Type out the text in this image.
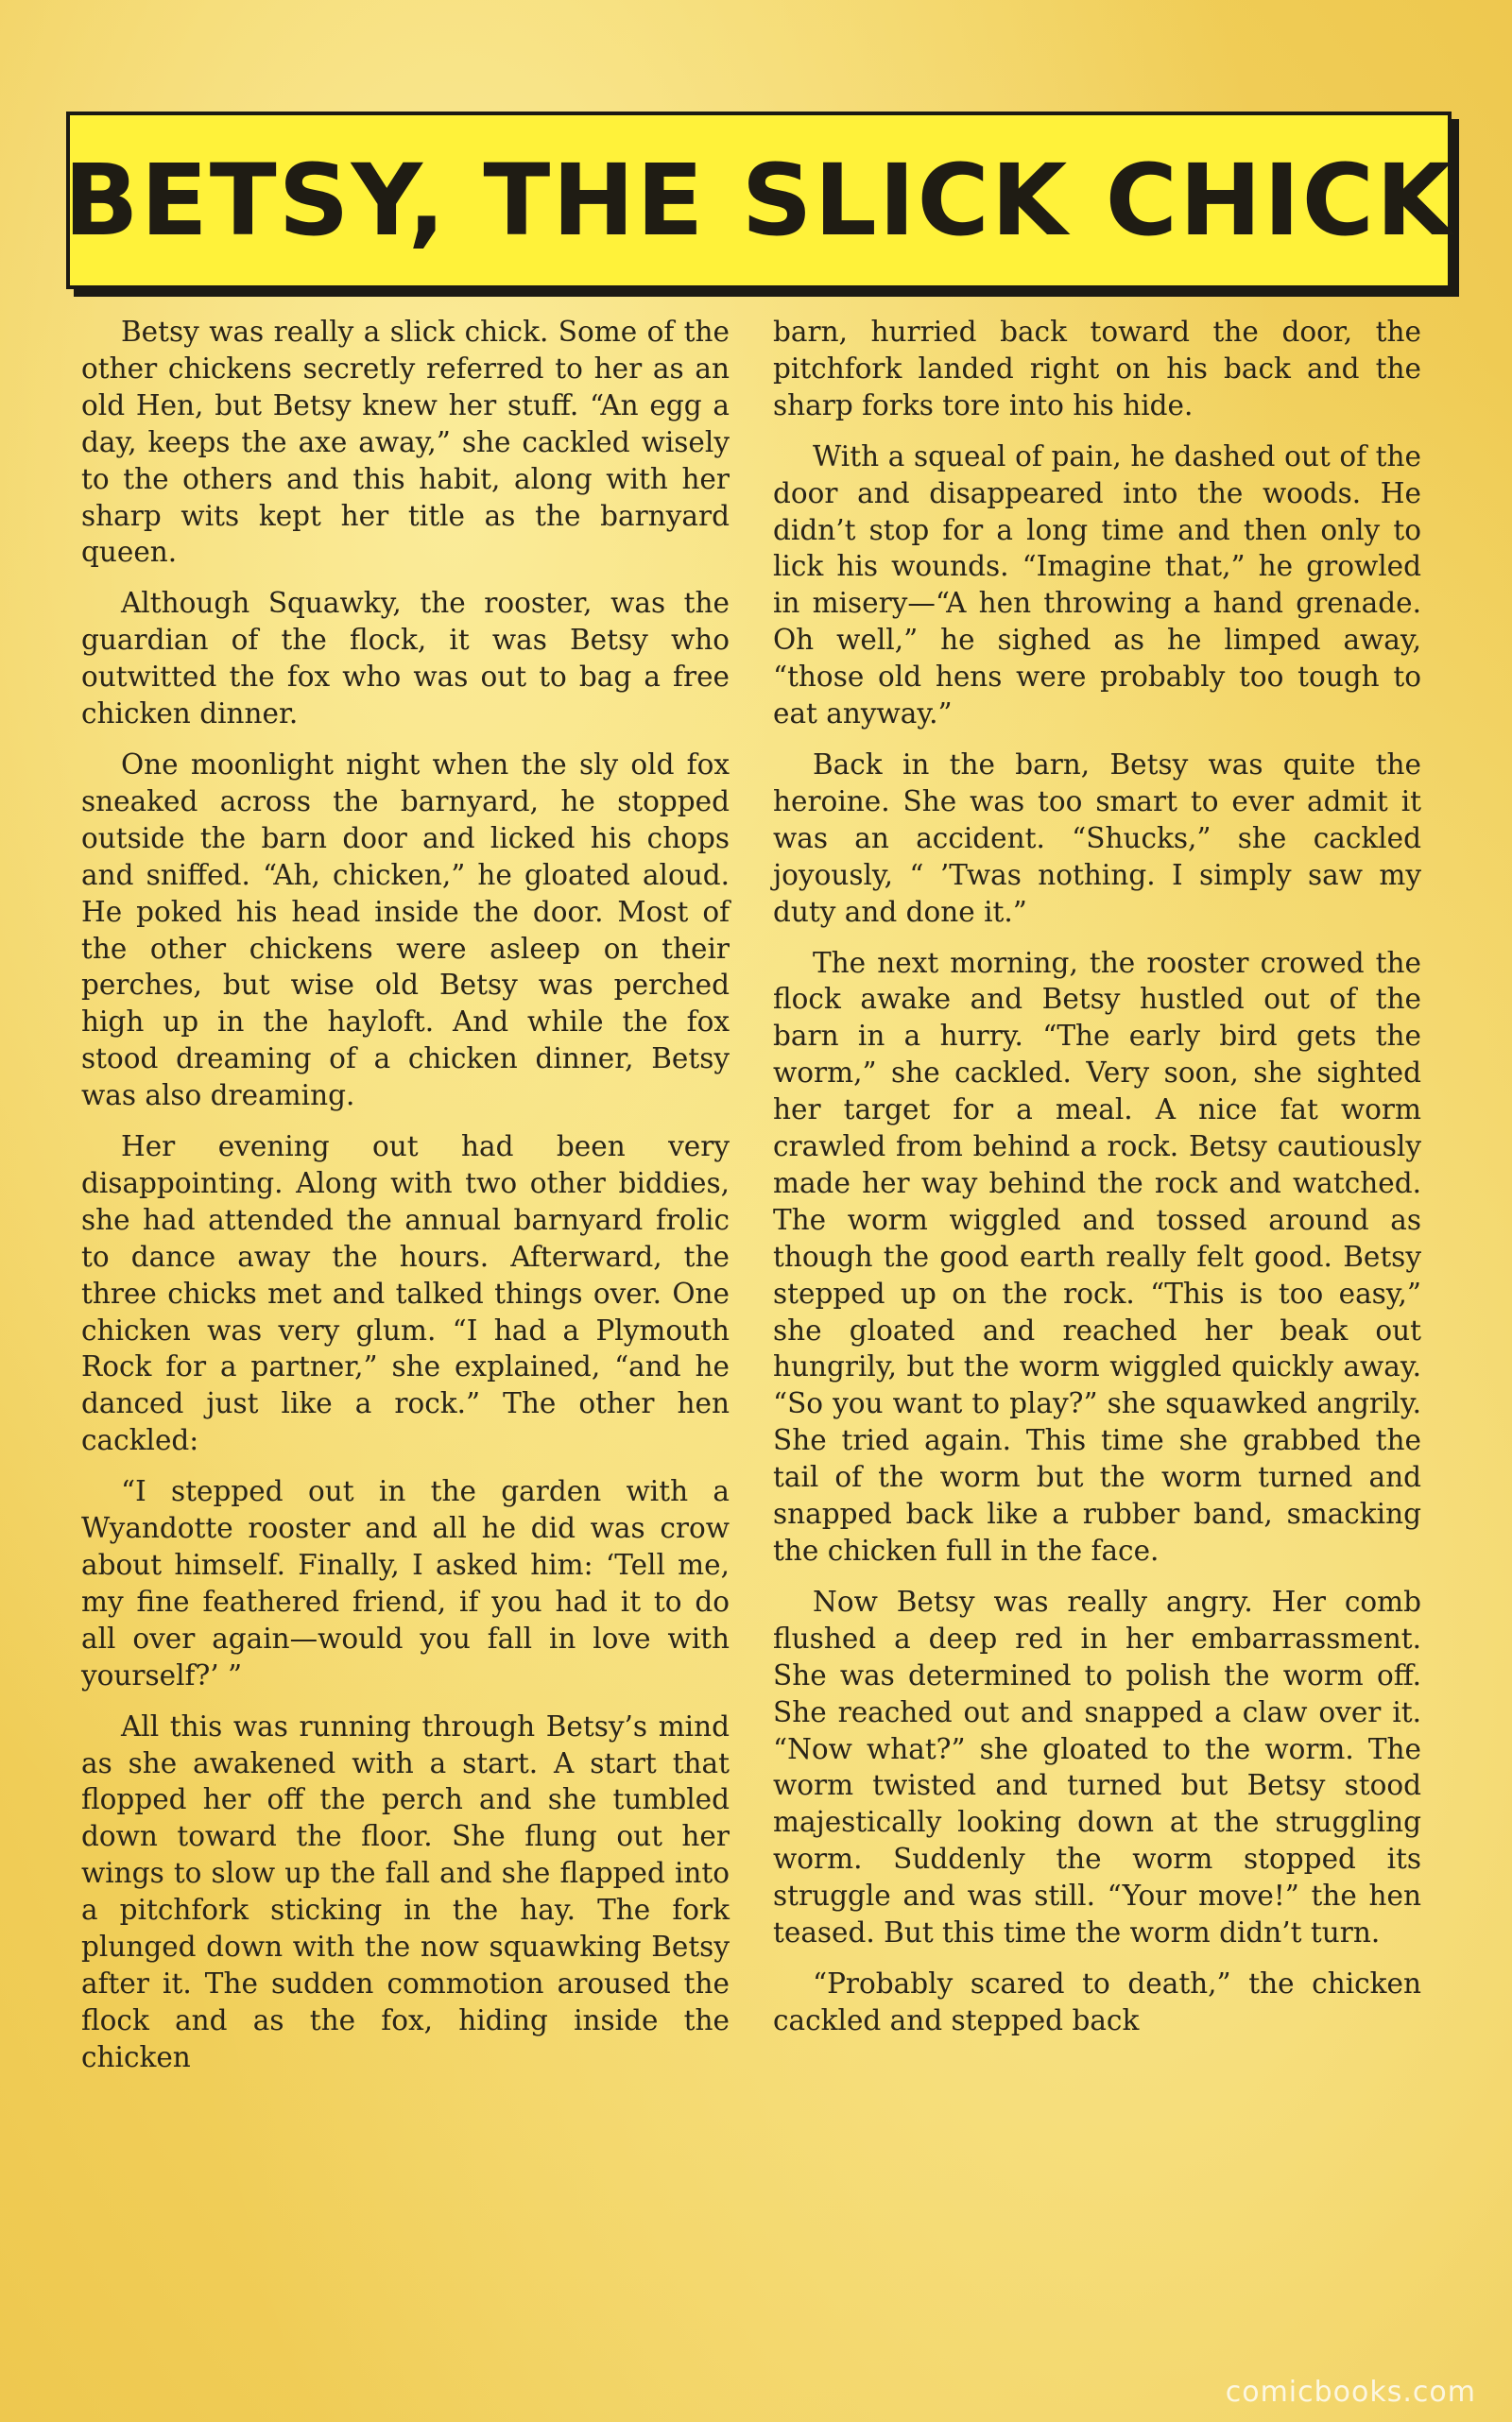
BETSY, THE SLICK CHICK

Betsy was really a slick chick. Some of the other chickens secretly referred to her as an old Hen, but Betsy knew her stuff. “An egg a day, keeps the axe away,” she cackled wisely to the others and this habit, along with her sharp wits kept her title as the barnyard queen.

Although Squawky, the rooster, was the guardian of the flock, it was Betsy who outwitted the fox who was out to bag a free chicken dinner.

One moonlight night when the sly old fox sneaked across the barnyard, he stopped outside the barn door and licked his chops and sniffed. “Ah, chicken,” he gloated aloud. He poked his head inside the door. Most of the other chickens were asleep on their perches, but wise old Betsy was perched high up in the hayloft. And while the fox stood dreaming of a chicken dinner, Betsy was also dreaming.

Her evening out had been very disappointing. Along with two other biddies, she had attended the annual barnyard frolic to dance away the hours. Afterward, the three chicks met and talked things over. One chicken was very glum. “I had a Plymouth Rock for a partner,” she explained, “and he danced just like a rock.” The other hen cackled:

“I stepped out in the garden with a Wyandotte rooster and all he did was crow about himself. Finally, I asked him: ‘Tell me, my fine feathered friend, if you had it to do all over again—would you fall in love with yourself?’ ”

All this was running through Betsy’s mind as she awakened with a start. A start that flopped her off the perch and she tumbled down toward the floor. She flung out her wings to slow up the fall and she flapped into a pitchfork sticking in the hay. The fork plunged down with the now squawking Betsy after it. The sudden commotion aroused the flock and as the fox, hiding inside the chicken

barn, hurried back toward the door, the pitchfork landed right on his back and the sharp forks tore into his hide.

With a squeal of pain, he dashed out of the door and disappeared into the woods. He didn’t stop for a long time and then only to lick his wounds. “Imagine that,” he growled in misery—“A hen throwing a hand grenade. Oh well,” he sighed as he limped away, “those old hens were probably too tough to eat anyway.”

Back in the barn, Betsy was quite the heroine. She was too smart to ever admit it was an accident. “Shucks,” she cackled joyously, “ ’Twas nothing. I simply saw my duty and done it.”

The next morning, the rooster crowed the flock awake and Betsy hustled out of the barn in a hurry. “The early bird gets the worm,” she cackled. Very soon, she sighted her target for a meal. A nice fat worm crawled from behind a rock. Betsy cautiously made her way behind the rock and watched. The worm wiggled and tossed around as though the good earth really felt good. Betsy stepped up on the rock. “This is too easy,” she gloated and reached her beak out hungrily, but the worm wiggled quickly away. “So you want to play?” she squawked angrily. She tried again. This time she grabbed the tail of the worm but the worm turned and snapped back like a rubber band, smacking the chicken full in the face.

Now Betsy was really angry. Her comb flushed a deep red in her embarrassment. She was determined to polish the worm off. She reached out and snapped a claw over it. “Now what?” she gloated to the worm. The worm twisted and turned but Betsy stood majestically looking down at the struggling worm. Suddenly the worm stopped its struggle and was still. “Your move!” the hen teased. But this time the worm didn’t turn.

“Probably scared to death,” the chicken cackled and stepped back

comicbooks.com
